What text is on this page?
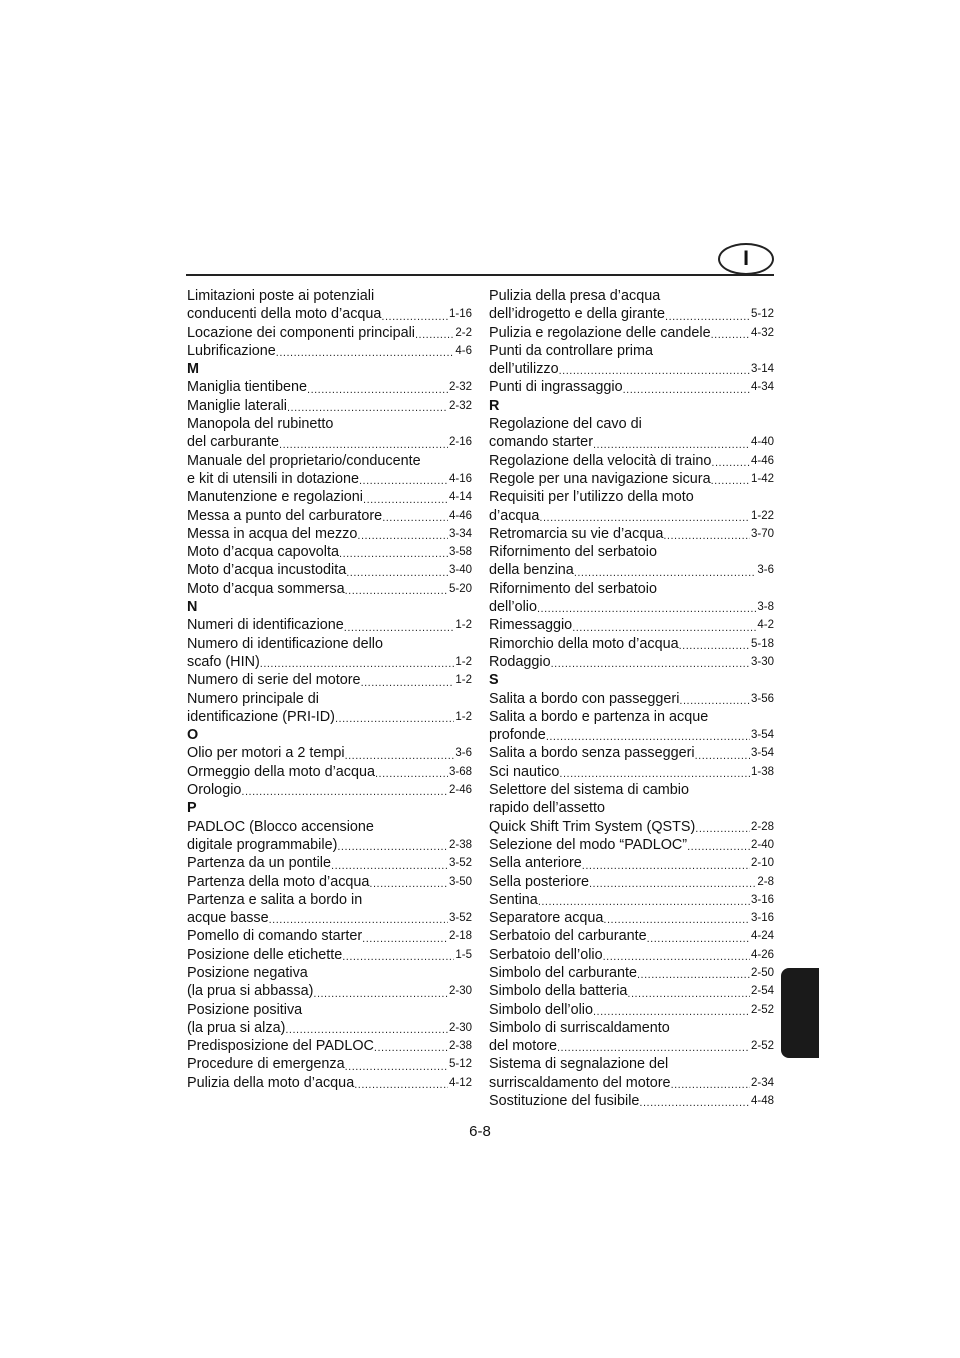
I
Limitazioni poste ai potenziali
conducenti della moto d’acqua .....	1-16
Locazione dei componenti principali .....	2-2
Lubrificazione .....	4-6
M
Maniglia tientibene .....	2-32
Maniglie laterali .....	2-32
Manopola del rubinetto
del carburante .....	2-16
Manuale del proprietario/conducente
e kit di utensili in dotazione .....	4-16
Manutenzione e regolazioni .....	4-14
Messa a punto del carburatore .....	4-46
Messa in acqua del mezzo .....	3-34
Moto d’acqua capovolta .....	3-58
Moto d’acqua incustodita .....	3-40
Moto d’acqua sommersa .....	5-20
N
Numeri di identificazione .....	1-2
Numero di identificazione dello
scafo (HIN) .....	1-2
Numero di serie del motore .....	1-2
Numero principale di
identificazione (PRI-ID) .....	1-2
O
Olio per motori a 2 tempi .....	3-6
Ormeggio della moto d’acqua .....	3-68
Orologio .....	2-46
P
PADLOC (Blocco accensione
digitale programmabile) .....	2-38
Partenza da un pontile .....	3-52
Partenza della moto d’acqua .....	3-50
Partenza e salita a bordo in
acque basse .....	3-52
Pomello di comando starter .....	2-18
Posizione delle etichette .....	1-5
Posizione negativa
(la prua si abbassa) .....	2-30
Posizione positiva
(la prua si alza) .....	2-30
Predisposizione del PADLOC .....	2-38
Procedure di emergenza .....	5-12
Pulizia della moto d’acqua .....	4-12
Pulizia della presa d’acqua
dell’idrogetto e della girante .....	5-12
Pulizia e regolazione delle candele .....	4-32
Punti da controllare prima
dell’utilizzo .....	3-14
Punti di ingrassaggio .....	4-34
R
Regolazione del cavo di
comando starter .....	4-40
Regolazione della velocità di traino .....	4-46
Regole per una navigazione sicura .....	1-42
Requisiti per l’utilizzo della moto
d’acqua .....	1-22
Retromarcia su vie d’acqua .....	3-70
Rifornimento del serbatoio
della benzina .....	3-6
Rifornimento del serbatoio
dell’olio .....	3-8
Rimessaggio .....	4-2
Rimorchio della moto d’acqua .....	5-18
Rodaggio .....	3-30
S
Salita a bordo con passeggeri .....	3-56
Salita a bordo e partenza in acque
profonde .....	3-54
Salita a bordo senza passeggeri .....	3-54
Sci nautico .....	1-38
Selettore del sistema di cambio
rapido dell’assetto
Quick Shift Trim System (QSTS) .....	2-28
Selezione del modo “PADLOC” .....	2-40
Sella anteriore .....	2-10
Sella posteriore .....	2-8
Sentina .....	3-16
Separatore acqua .....	3-16
Serbatoio del carburante .....	4-24
Serbatoio dell’olio .....	4-26
Simbolo del carburante .....	2-50
Simbolo della batteria .....	2-54
Simbolo dell’olio .....	2-52
Simbolo di surriscaldamento
del motore .....	2-52
Sistema di segnalazione del
surriscaldamento del motore .....	2-34
Sostituzione del fusibile .....	4-48
6-8
